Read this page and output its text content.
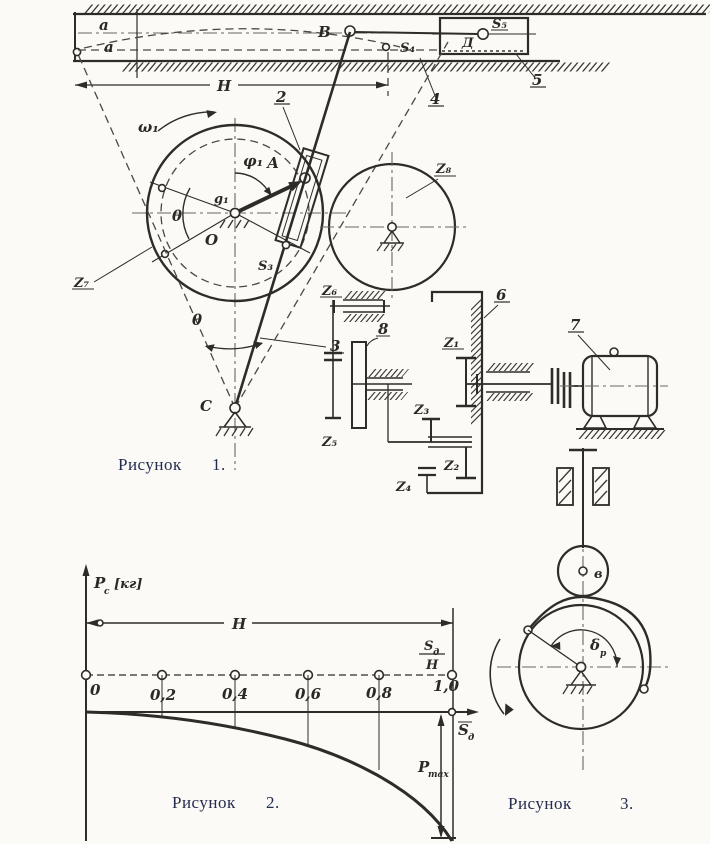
a
a
Н
В
S₄
S₅
Д
4
5
φ₁ А
ω₁
θ
g₁
О
Z₇
S₃
2
3
θ
С
Z₈
Z₆
Z₅
8
6
Z₁
Z₃
Z₂
Z₄
7
Рисунок 1.
в
δ р
Рисунок	3.
P
c [кг]
Н
0	0,2	0,4	0,6	0,8	1,0
S д
Н
S д
P
max
Рисунок 2.
